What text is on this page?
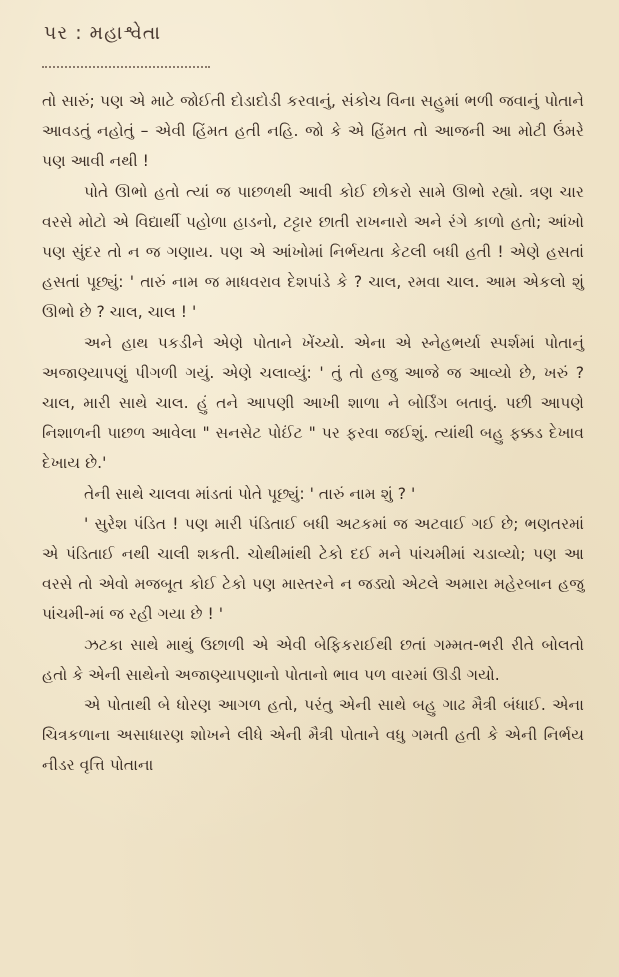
પર : મહાશ્વેતા

તો સારું; પણ એ માટે જોઈતી દોડાદોડી કરવાનું, સંકોચ વિના સહુમાં ભળી જવાનું પોતાને આવડતું નહોતું – એવી હિંમત હતી નહિ. જો કે એ હિંમત તો આજની આ મોટી ઉંમરે પણ આવી નથી !

પોતે ઊભો હતો ત્યાં જ પાછળથી આવી કોઈ છોકરો સામે ઊભો રહ્યો. ત્રણ ચાર વરસે મોટો એ વિદ્યાર્થી પહોળા હાડનો, ટટ્ટાર છાતી રાખનારો અને રંગે કાળો હતો; આંખો પણ સુંદર તો ન જ ગણાય. પણ એ આંખોમાં નિર્ભયતા કેટલી બધી હતી ! એણે હસતાં હસતાં પૂછ્યું: ' તારું નામ જ માધવરાવ દેશપાંડે કે ? ચાલ, રમવા ચાલ. આમ એકલો શું ઊભો છે ? ચાલ, ચાલ ! '

અને હાથ પકડીને એણે પોતાને ખેંચ્યો. એના એ સ્નેહભર્યા સ્પર્શમાં પોતાનું અજાણ્યાપણું પીગળી ગયું. એણે ચલાવ્યું: ' તું તો હજુ આજે જ આવ્યો છે, ખરું ? ચાલ, મારી સાથે ચાલ. હું તને આપણી આખી શાળા ને બોર્ડિંગ બતાવું. પછી આપણે નિશાળની પાછળ આવેલા " સનસેટ પોઈંટ " પર ફરવા જઈશું. ત્યાંથી બહુ ફક્કડ દેખાવ દેખાય છે.'

તેની સાથે ચાલવા માંડતાં પોતે પૂછ્યું: ' તારું નામ શું ? '

' સુરેશ પંડિત ! પણ મારી પંડિતાઈ બધી અટકમાં જ અટવાઈ ગઈ છે; ભણતરમાં એ પંડિતાઈ નથી ચાલી શકતી. ચોથીમાંથી ટેકો દઈ મને પાંચમીમાં ચડાવ્યો; પણ આ વરસે તો એવો મજબૂત કોઈ ટેકો પણ માસ્તરને ન જડ્યો એટલે અમારા મહેરબાન હજુ પાંચમી-માં જ રહી ગયા છે ! '

ઝટકા સાથે માથું ઉછાળી એ એવી બેફિકરાઈથી છતાં ગમ્મત-ભરી રીતે બોલતો હતો કે એની સાથેનો અજાણ્યાપણાનો પોતાનો ભાવ પળ વારમાં ઊડી ગયો.

એ પોતાથી બે ધોરણ આગળ હતો, પરંતુ એની સાથે બહુ ગાઢ મૈત્રી બંધાઈ. એના ચિત્રકળાના અસાધારણ શોખને લીધે એની મૈત્રી પોતાને વધુ ગમતી હતી કે એની નિર્ભય નીડર વૃત્તિ પોતાના
